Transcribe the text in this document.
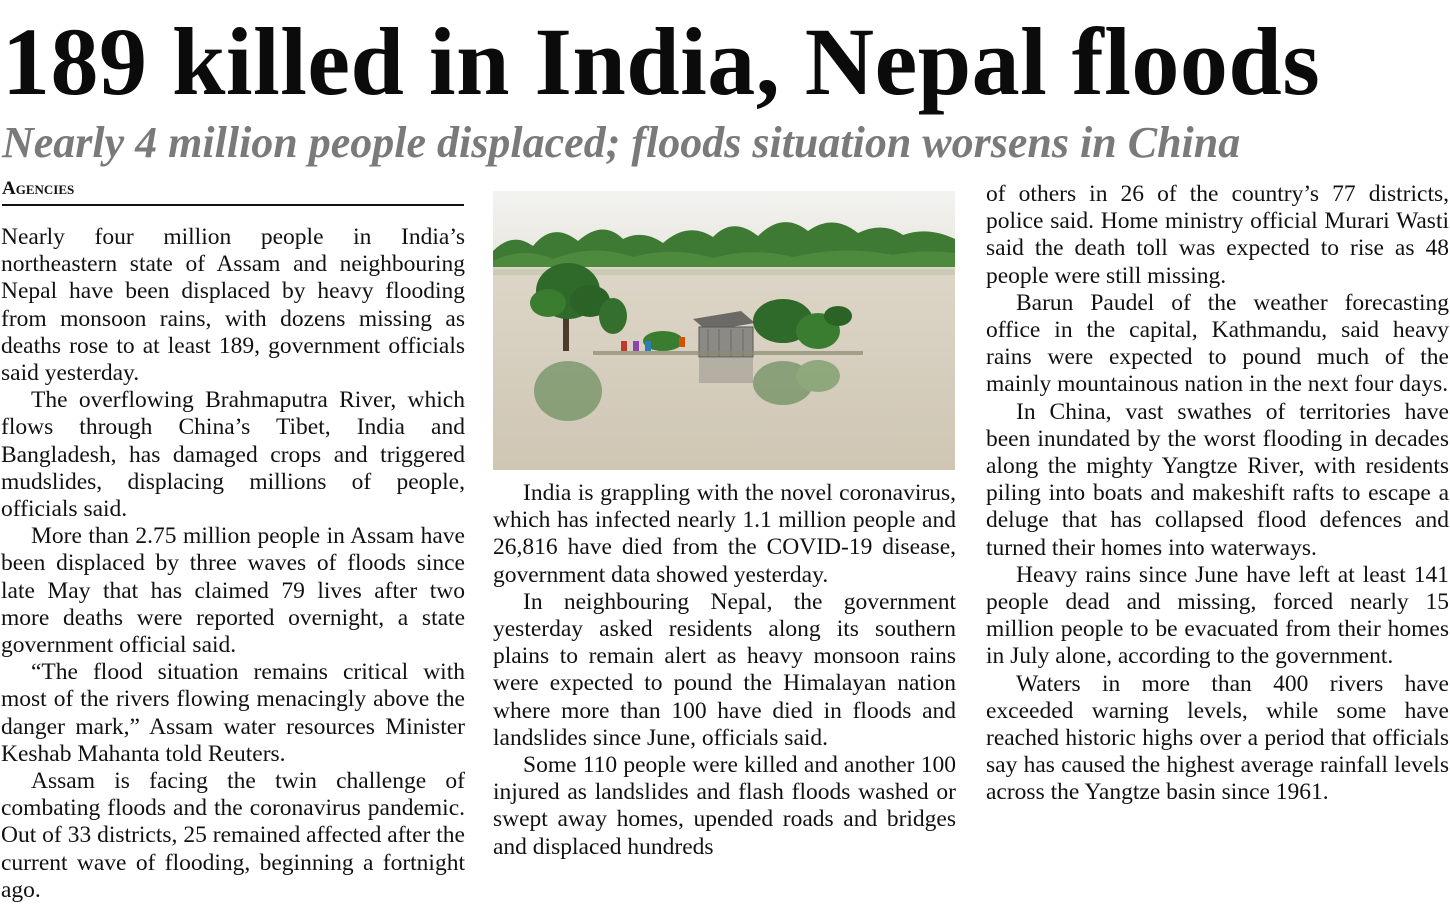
189 killed in India, Nepal floods
Nearly 4 million people displaced; floods situation worsens in China
Agencies

Nearly four million people in India’s northeastern state of Assam and neighbouring Nepal have been displaced by heavy flooding from monsoon rains, with dozens missing as deaths rose to at least 189, government officials said yesterday.

The overflowing Brahmaputra River, which flows through China’s Tibet, India and Bangladesh, has damaged crops and triggered mudslides, displacing millions of people, officials said.

More than 2.75 million people in Assam have been displaced by three waves of floods since late May that has claimed 79 lives after two more deaths were reported overnight, a state government official said.

“The flood situation remains critical with most of the rivers flowing menacingly above the danger mark,” Assam water resources Minister Keshab Mahanta told Reuters.

Assam is facing the twin challenge of combating floods and the coronavirus pandemic. Out of 33 districts, 25 remained affected after the current wave of flooding, beginning a fortnight ago.

India is grappling with the novel coronavirus, which has infected nearly 1.1 million people and 26,816 have died from the COVID-19 disease, government data showed yesterday.

In neighbouring Nepal, the government yesterday asked residents along its southern plains to remain alert as heavy monsoon rains were expected to pound the Himalayan nation where more than 100 have died in floods and landslides since June, officials said.

Some 110 people were killed and another 100 injured as landslides and flash floods washed or swept away homes, upended roads and bridges and displaced hundreds

of others in 26 of the country’s 77 districts, police said. Home ministry official Murari Wasti said the death toll was expected to rise as 48 people were still missing.

Barun Paudel of the weather forecasting office in the capital, Kathmandu, said heavy rains were expected to pound much of the mainly mountainous nation in the next four days.

In China, vast swathes of territories have been inundated by the worst flooding in decades along the mighty Yangtze River, with residents piling into boats and makeshift rafts to escape a deluge that has collapsed flood defences and turned their homes into waterways.

Heavy rains since June have left at least 141 people dead and missing, forced nearly 15 million people to be evacuated from their homes in July alone, according to the government.

Waters in more than 400 rivers have exceeded warning levels, while some have reached historic highs over a period that officials say has caused the highest average rainfall levels across the Yangtze basin since 1961.
